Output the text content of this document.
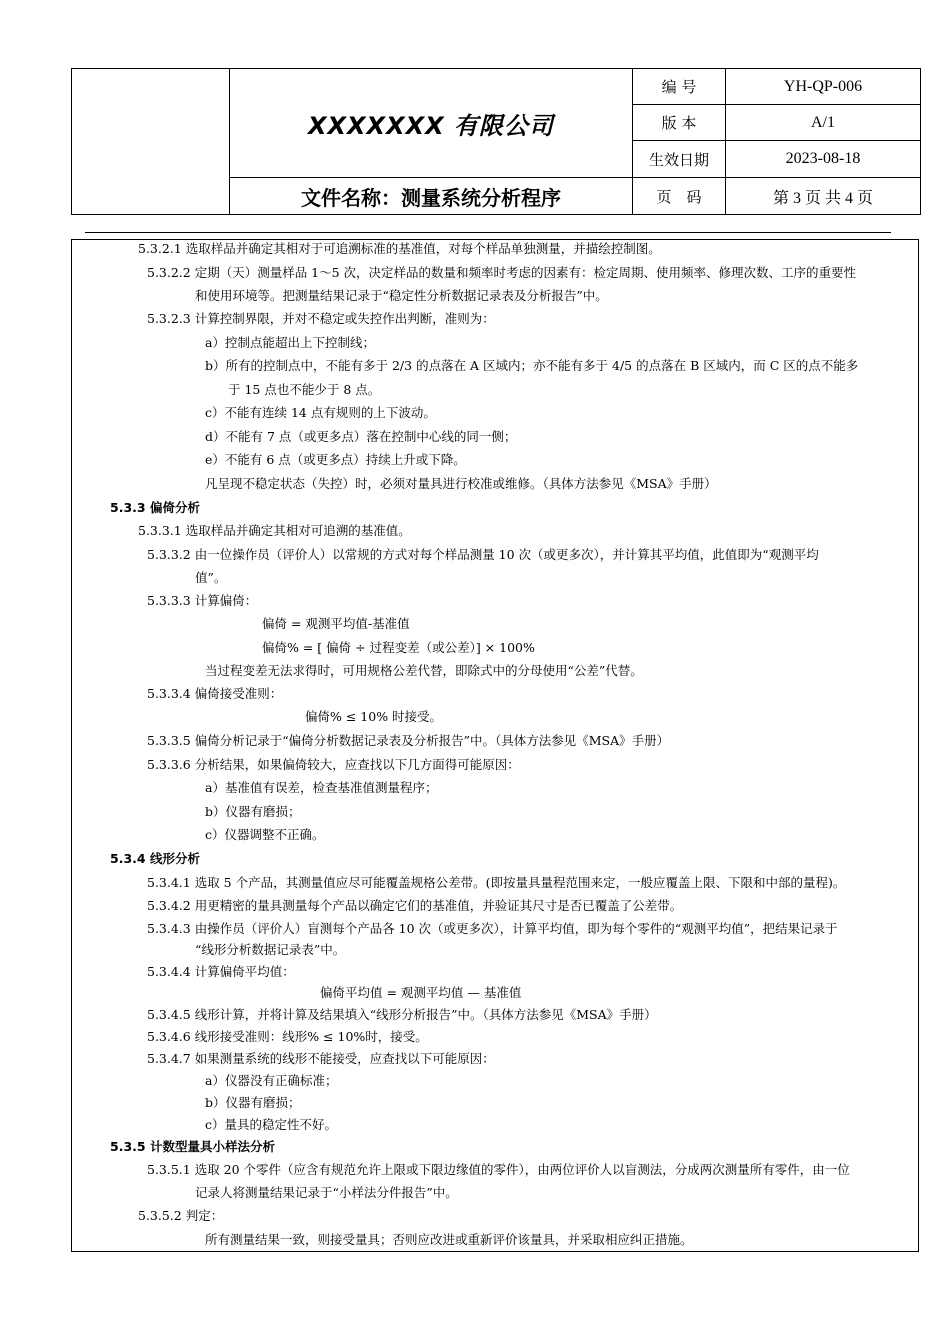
	XXXXXXX 有限公司	编 号	YH-QP-006
		版 本	A/1
		生效日期	2023-08-18
	文件名称：测量系统分析程序	页　码	第 3 页 共 4 页
5.3.2.1 选取样品并确定其相对于可追溯标准的基准值，对每个样品单独测量，并描绘控制图。
5.3.2.2 定期（天）测量样品 1～5 次，决定样品的数量和频率时考虑的因素有：检定周期、使用频率、修理次数、工序的重要性
和使用环境等。把测量结果记录于“稳定性分析数据记录表及分析报告”中。
5.3.2.3 计算控制界限，并对不稳定或失控作出判断，准则为：
a）控制点能超出上下控制线；
b）所有的控制点中，不能有多于 2/3 的点落在 A 区域内；亦不能有多于 4/5 的点落在 B 区域内，而 C 区的点不能多
于 15 点也不能少于 8 点。
c）不能有连续 14 点有规则的上下波动。
d）不能有 7 点（或更多点）落在控制中心线的同一侧；
e）不能有 6 点（或更多点）持续上升或下降。
凡呈现不稳定状态（失控）时，必须对量具进行校准或维修。（具体方法参见《MSA》手册）
5.3.3 偏倚分析
5.3.3.1 选取样品并确定其相对可追溯的基准值。
5.3.3.2 由一位操作员（评价人）以常规的方式对每个样品测量 10 次（或更多次），并计算其平均值，此值即为“观测平均
值”。
5.3.3.3 计算偏倚：
偏倚 = 观测平均值-基准值
偏倚% = [ 偏倚 ÷ 过程变差（或公差）] × 100%
当过程变差无法求得时，可用规格公差代替，即除式中的分母使用“公差”代替。
5.3.3.4 偏倚接受准则：
偏倚% ≤ 10% 时接受。
5.3.3.5 偏倚分析记录于“偏倚分析数据记录表及分析报告”中。（具体方法参见《MSA》手册）
5.3.3.6 分析结果，如果偏倚较大，应查找以下几方面得可能原因：
a）基准值有误差，检查基准值测量程序；
b）仪器有磨损；
c）仪器调整不正确。
5.3.4 线形分析
5.3.4.1 选取 5 个产品，其测量值应尽可能覆盖规格公差带。(即按量具量程范围来定，一般应覆盖上限、下限和中部的量程)。
5.3.4.2 用更精密的量具测量每个产品以确定它们的基准值，并验证其尺寸是否已覆盖了公差带。
5.3.4.3 由操作员（评价人）盲测每个产品各 10 次（或更多次），计算平均值，即为每个零件的“观测平均值”，把结果记录于
“线形分析数据记录表”中。
5.3.4.4 计算偏倚平均值：
偏倚平均值 = 观测平均值 — 基准值
5.3.4.5 线形计算，并将计算及结果填入“线形分析报告”中。（具体方法参见《MSA》手册）
5.3.4.6 线形接受准则：线形% ≤ 10%时，接受。
5.3.4.7 如果测量系统的线形不能接受，应查找以下可能原因：
a）仪器没有正确标准；
b）仪器有磨损；
c）量具的稳定性不好。
5.3.5 计数型量具小样法分析
5.3.5.1 选取 20 个零件（应含有规范允许上限或下限边缘值的零件），由两位评价人以盲测法，分成两次测量所有零件，由一位
记录人将测量结果记录于“小样法分件报告”中。
5.3.5.2 判定：
所有测量结果一致，则接受量具；否则应改进或重新评价该量具，并采取相应纠正措施。
